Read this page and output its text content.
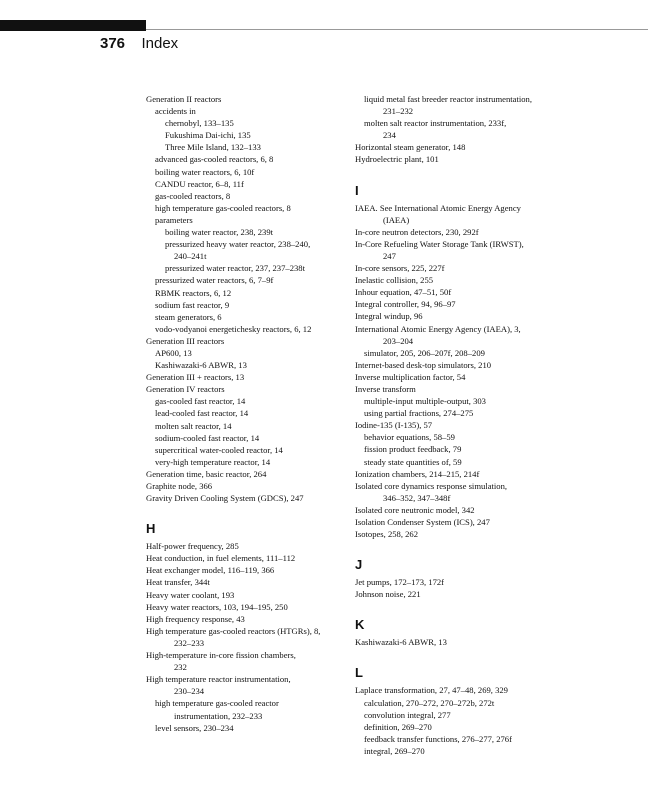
376 Index
Generation II reactors
accidents in
chernobyl, 133–135
Fukushima Dai-ichi, 135
Three Mile Island, 132–133
advanced gas-cooled reactors, 6, 8
boiling water reactors, 6, 10f
CANDU reactor, 6–8, 11f
gas-cooled reactors, 8
high temperature gas-cooled reactors, 8
parameters
boiling water reactor, 238, 239t
pressurized heavy water reactor, 238–240,
240–241t
pressurized water reactor, 237, 237–238t
pressurized water reactors, 6, 7–9f
RBMK reactors, 6, 12
sodium fast reactor, 9
steam generators, 6
vodo-vodyanoi energetichesky reactors, 6, 12
Generation III reactors
AP600, 13
Kashiwazaki-6 ABWR, 13
Generation III + reactors, 13
Generation IV reactors
gas-cooled fast reactor, 14
lead-cooled fast reactor, 14
molten salt reactor, 14
sodium-cooled fast reactor, 14
supercritical water-cooled reactor, 14
very-high temperature reactor, 14
Generation time, basic reactor, 264
Graphite node, 366
Gravity Driven Cooling System (GDCS), 247
H
Half-power frequency, 285
Heat conduction, in fuel elements, 111–112
Heat exchanger model, 116–119, 366
Heat transfer, 344t
Heavy water coolant, 193
Heavy water reactors, 103, 194–195, 250
High frequency response, 43
High temperature gas-cooled reactors (HTGRs), 8,
232–233
High-temperature in-core fission chambers,
232
High temperature reactor instrumentation,
230–234
high temperature gas-cooled reactor
instrumentation, 232–233
level sensors, 230–234
liquid metal fast breeder reactor instrumentation,
231–232
molten salt reactor instrumentation, 233f,
234
Horizontal steam generator, 148
Hydroelectric plant, 101
I
IAEA. See International Atomic Energy Agency
(IAEA)
In-core neutron detectors, 230, 292f
In-Core Refueling Water Storage Tank (IRWST),
247
In-core sensors, 225, 227f
Inelastic collision, 255
Inhour equation, 47–51, 50f
Integral controller, 94, 96–97
Integral windup, 96
International Atomic Energy Agency (IAEA), 3,
203–204
simulator, 205, 206–207f, 208–209
Internet-based desk-top simulators, 210
Inverse multiplication factor, 54
Inverse transform
multiple-input multiple-output, 303
using partial fractions, 274–275
Iodine-135 (I-135), 57
behavior equations, 58–59
fission product feedback, 79
steady state quantities of, 59
Ionization chambers, 214–215, 214f
Isolated core dynamics response simulation,
346–352, 347–348f
Isolated core neutronic model, 342
Isolation Condenser System (ICS), 247
Isotopes, 258, 262
J
Jet pumps, 172–173, 172f
Johnson noise, 221
K
Kashiwazaki-6 ABWR, 13
L
Laplace transformation, 27, 47–48, 269, 329
calculation, 270–272, 270–272b, 272t
convolution integral, 277
definition, 269–270
feedback transfer functions, 276–277, 276f
integral, 269–270
